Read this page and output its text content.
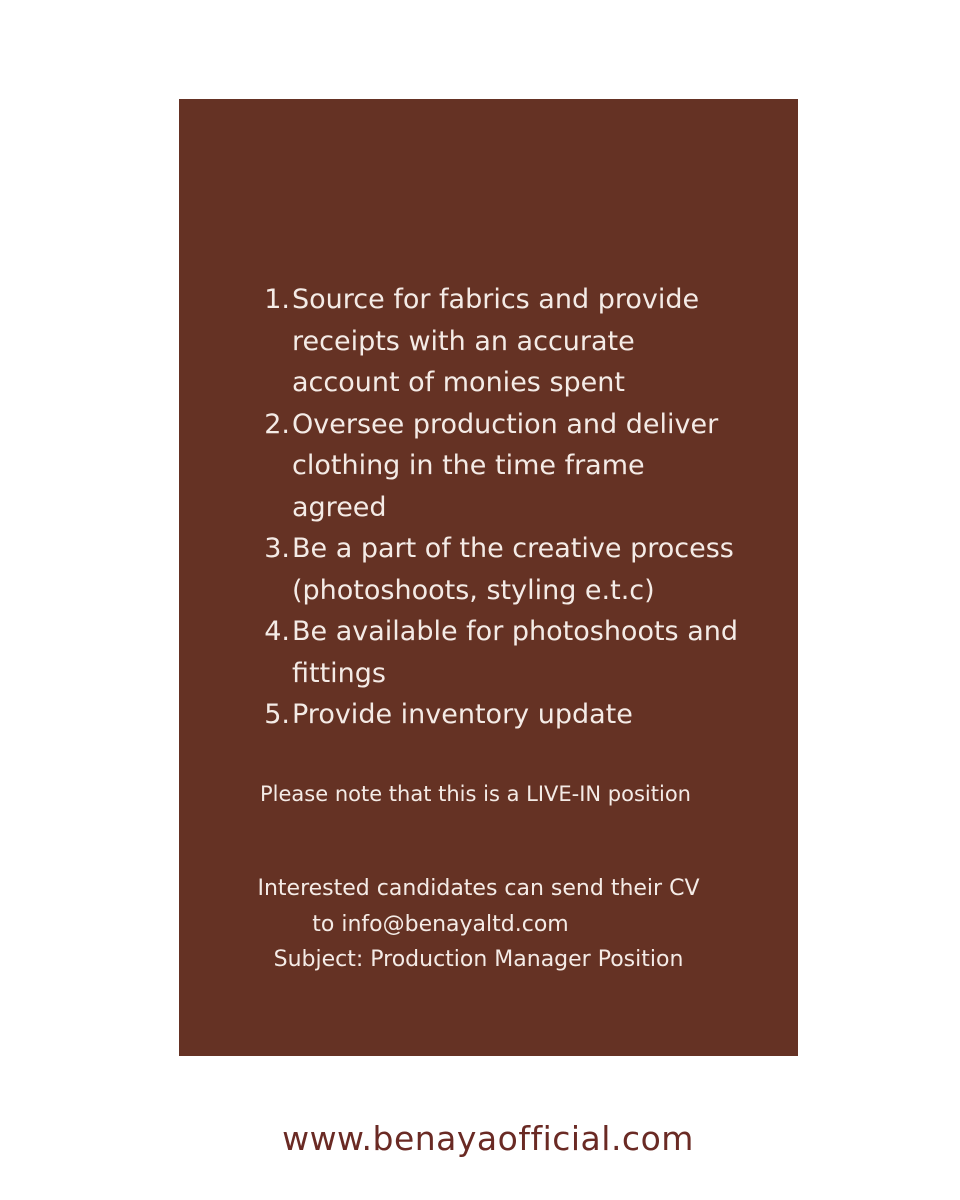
1. Source for fabrics and provide receipts with an accurate account of monies spent
2. Oversee production and deliver clothing in the time frame agreed
3. Be a part of the creative process (photoshoots, styling e.t.c)
4. Be available for photoshoots and fittings
5. Provide inventory update

Please note that this is a LIVE-IN position

Interested candidates can send their CV
to info@benayaltd.com
Subject: Production Manager Position

www.benayaofficial.com
